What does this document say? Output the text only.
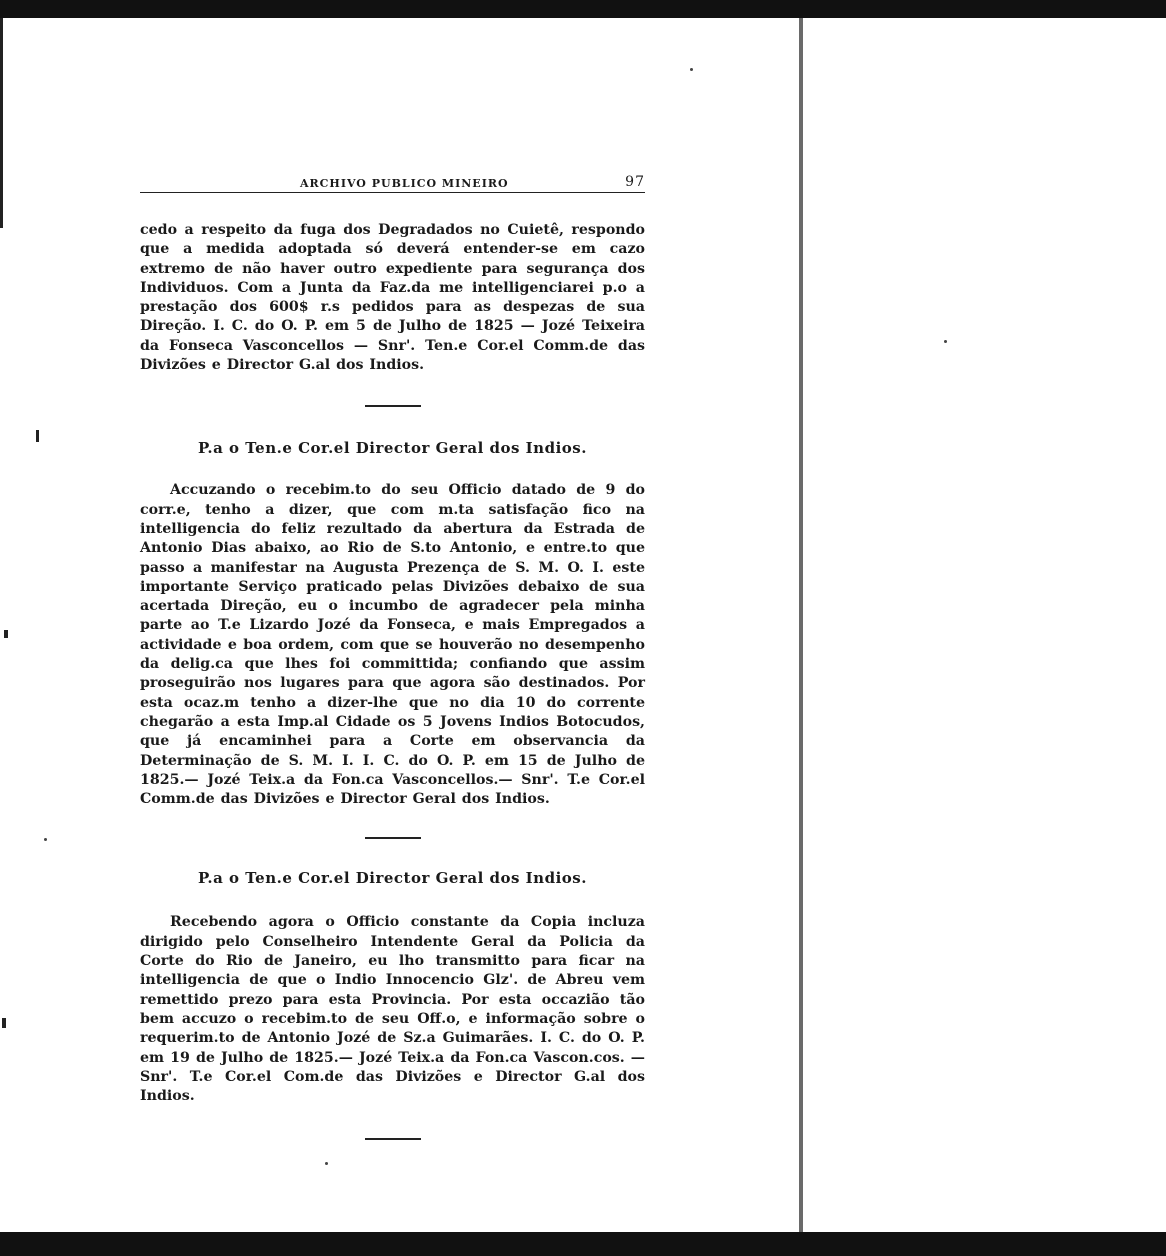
ARCHIVO PUBLICO MINEIRO	97

cedo a respeito da fuga dos Degradados no Cuietê, respondo que a medida adoptada só deverá entender-se em cazo extremo de não haver outro expediente para segurança dos Individuos. Com a Junta da Faz.da me intelligenciarei p.o a prestação dos 600$ r.s pedidos para as despezas de sua Direção. I. C. do O. P. em 5 de Julho de 1825 — Jozé Teixeira da Fonseca Vasconcellos — Snr'. Ten.e Cor.el Comm.de das Divizões e Director G.al dos Indios.

P.a o Ten.e Cor.el Director Geral dos Indios.

Accuzando o recebim.to do seu Officio datado de 9 do corr.e, tenho a dizer, que com m.ta satisfação fico na intelligencia do feliz rezultado da abertura da Estrada de Antonio Dias abaixo, ao Rio de S.to Antonio, e entre.to que passo a manifestar na Augusta Prezença de S. M. O. I. este importante Serviço praticado pelas Divizões debaixo de sua acertada Direção, eu o incumbo de agradecer pela minha parte ao T.e Lizardo Jozé da Fonseca, e mais Empregados a actividade e boa ordem, com que se houverão no desempenho da delig.ca que lhes foi committida; confiando que assim proseguirão nos lugares para que agora são destinados. Por esta ocaz.m tenho a dizer-lhe que no dia 10 do corrente chegarão a esta Imp.al Cidade os 5 Jovens Indios Botocudos, que já encaminhei para a Corte em observancia da Determinação de S. M. I. I. C. do O. P. em 15 de Julho de 1825.— Jozé Teix.a da Fon.ca Vasconcellos.— Snr'. T.e Cor.el Comm.de das Divizões e Director Geral dos Indios.

P.a o Ten.e Cor.el Director Geral dos Indios.

Recebendo agora o Officio constante da Copia incluza dirigido pelo Conselheiro Intendente Geral da Policia da Corte do Rio de Janeiro, eu lho transmitto para ficar na intelligencia de que o Indio Innocencio Glz'. de Abreu vem remettido prezo para esta Provincia. Por esta occazião tão bem accuzo o recebim.to de seu Off.o, e informação sobre o requerim.to de Antonio Jozé de Sz.a Guimarães. I. C. do O. P. em 19 de Julho de 1825.— Jozé Teix.a da Fon.ca Vascon.cos. — Snr'. T.e Cor.el Com.de das Divizões e Director G.al dos Indios.
